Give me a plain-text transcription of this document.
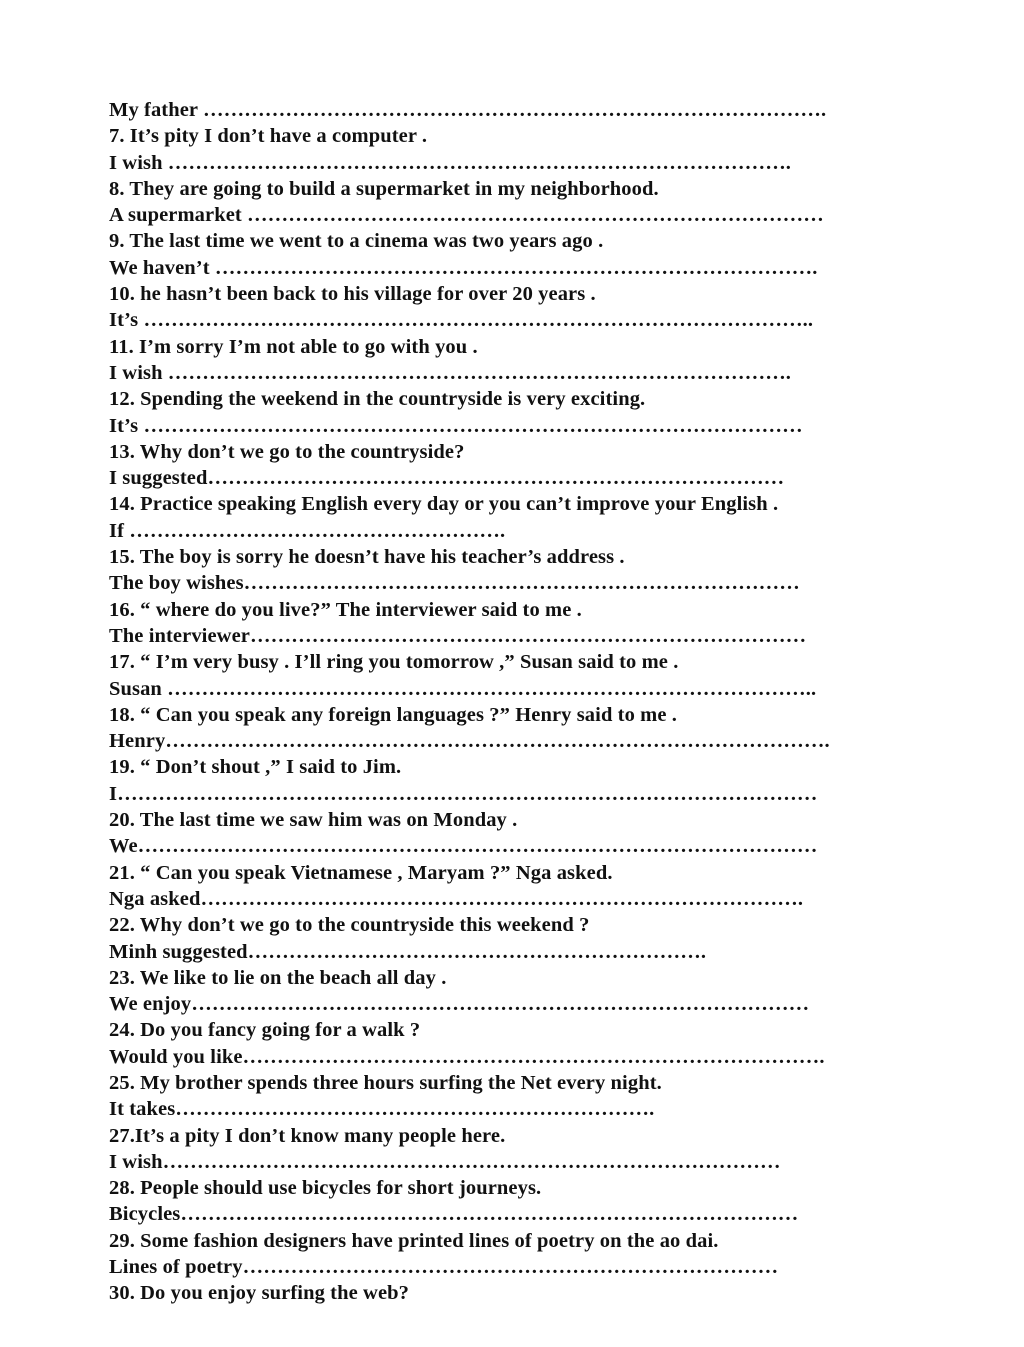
My father ……………………………………………………………………………….
7. It’s pity I don’t have a computer .
I wish ……………………………………………………………………………….
8. They are going to build a supermarket in my neighborhood.
A supermarket …………………………………………………………………………
9. The last time we went to a cinema was two years ago .
We haven’t …………………………………………………………………………….
10. he hasn’t been back to his village for over 20 years .
It’s ……………………………………………………………………………………..
11. I’m sorry I’m not able to go with you .
I wish ……………………………………………………………………………….
12. Spending the weekend in the countryside is very exciting.
It’s ……………………………………………………………………………………
13. Why don’t we go to the countryside?
I suggested…………………………………………………………………………
14. Practice speaking English every day or you can’t improve your English .
If ……………………………………………….
15. The boy is sorry he doesn’t have his teacher’s address .
The boy wishes………………………………………………………………………
16. “ where do you live?” The interviewer said to me .
The interviewer………………………………………………………………………
17. “ I’m very busy . I’ll ring you tomorrow ,” Susan said to me .
Susan …………………………………………………………………………………..
18. “ Can you speak any foreign languages ?” Henry said to me .
Henry…………………………………………………………………………………….
19. “ Don’t shout ,” I said to Jim.
I…………………………………………………………………………………………
20. The last time we saw him was on Monday .
We………………………………………………………………………………………
21. “ Can you speak Vietnamese , Maryam ?” Nga asked.
Nga asked…………………………………………………………………………….
22. Why don’t we go to the countryside this weekend ?
Minh suggested………………………………………………………….
23. We like to lie on the beach all day .
We enjoy………………………………………………………………………………
24. Do you fancy going for a walk ?
Would you like………………………………………………………………………….
25. My brother spends three hours surfing the Net every night.
It takes…………………………………………………………….
27.It’s a pity I don’t know many people here.
I wish………………………………………………………………………………
28. People should use bicycles for short journeys.
Bicycles………………………………………………………………………………
29. Some fashion designers have printed lines of poetry on the ao dai.
Lines of poetry……………………………………………………………………
30. Do you enjoy surfing the web?
